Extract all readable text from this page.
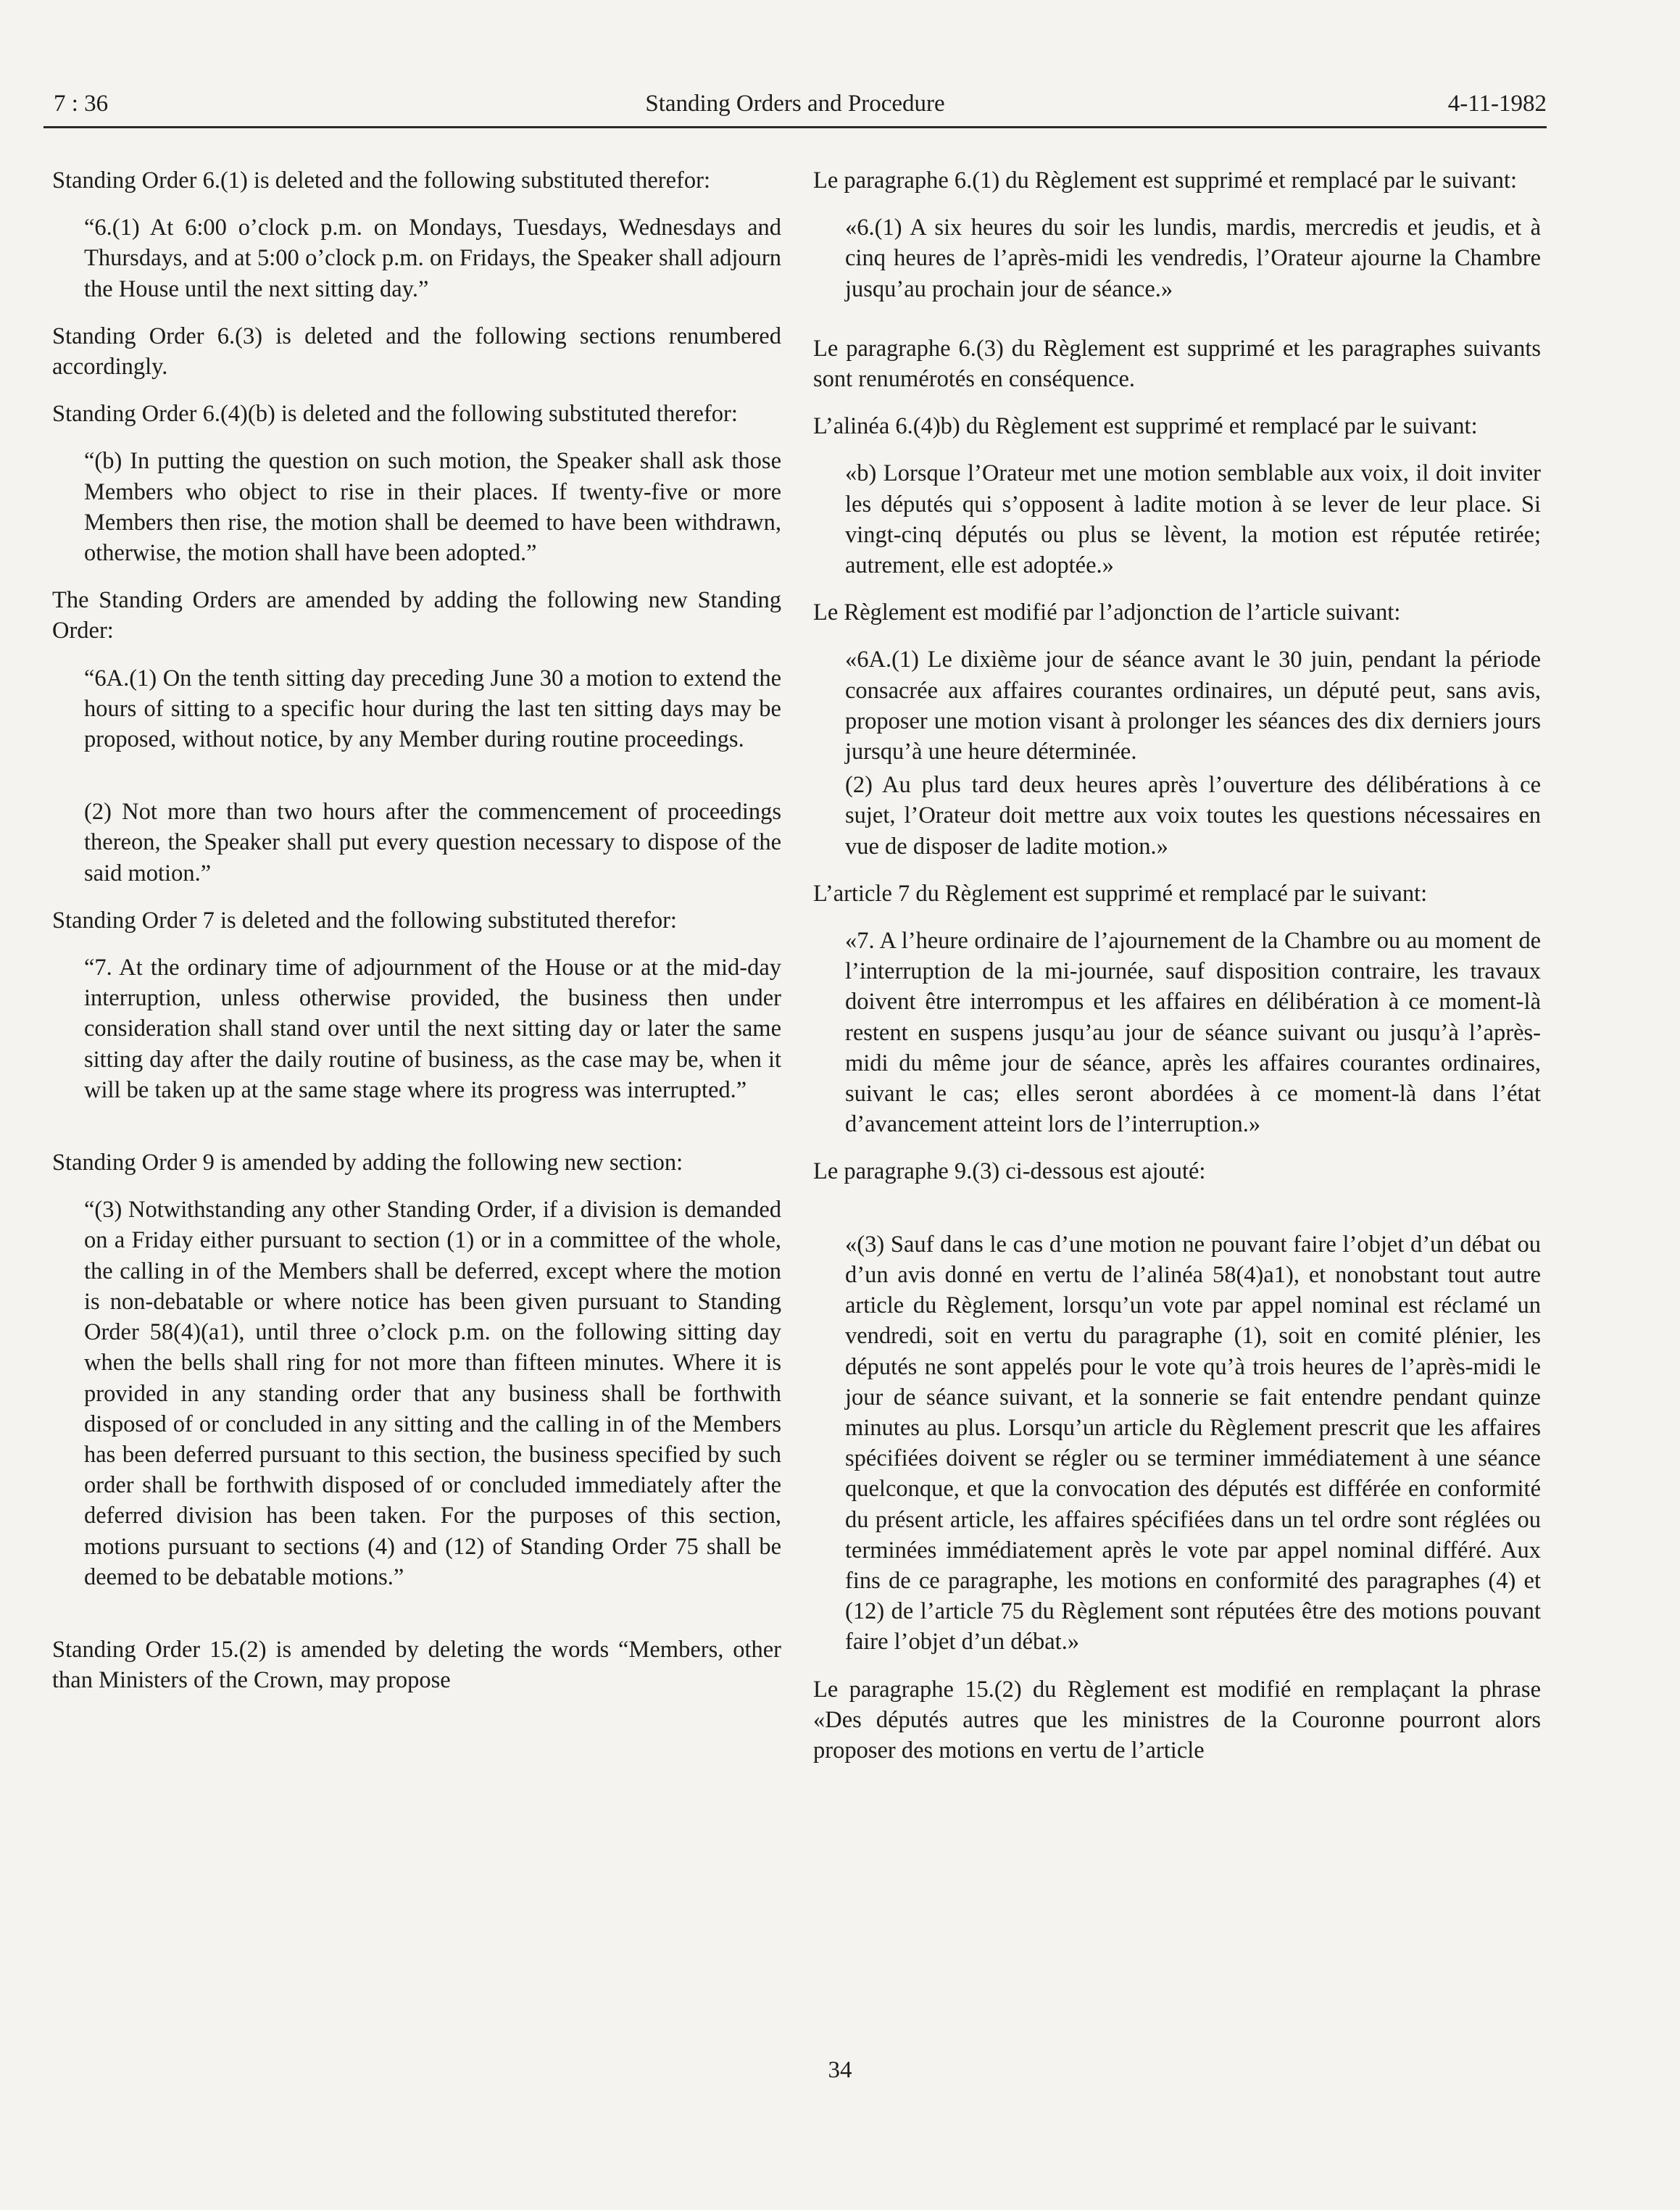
7 : 36	Standing Orders and Procedure	4-11-1982

Standing Order 6.(1) is deleted and the following substituted therefor:

“6.(1) At 6:00 o’clock p.m. on Mondays, Tuesdays, Wednesdays and Thursdays, and at 5:00 o’clock p.m. on Fridays, the Speaker shall adjourn the House until the next sitting day.”

Standing Order 6.(3) is deleted and the following sections renumbered accordingly.

Standing Order 6.(4)(b) is deleted and the following substituted therefor:

“(b) In putting the question on such motion, the Speaker shall ask those Members who object to rise in their places. If twenty-five or more Members then rise, the motion shall be deemed to have been withdrawn, otherwise, the motion shall have been adopted.”

The Standing Orders are amended by adding the following new Standing Order:

“6A.(1) On the tenth sitting day preceding June 30 a motion to extend the hours of sitting to a specific hour during the last ten sitting days may be proposed, without notice, by any Member during routine proceedings.

(2) Not more than two hours after the commencement of proceedings thereon, the Speaker shall put every question necessary to dispose of the said motion.”

Standing Order 7 is deleted and the following substituted therefor:

“7. At the ordinary time of adjournment of the House or at the mid-day interruption, unless otherwise provided, the business then under consideration shall stand over until the next sitting day or later the same sitting day after the daily routine of business, as the case may be, when it will be taken up at the same stage where its progress was interrupted.”

Standing Order 9 is amended by adding the following new section:

“(3) Notwithstanding any other Standing Order, if a division is demanded on a Friday either pursuant to section (1) or in a committee of the whole, the calling in of the Members shall be deferred, except where the motion is non-debatable or where notice has been given pursuant to Standing Order 58(4)(a1), until three o’clock p.m. on the following sitting day when the bells shall ring for not more than fifteen minutes. Where it is provided in any standing order that any business shall be forthwith disposed of or concluded in any sitting and the calling in of the Members has been deferred pursuant to this section, the business specified by such order shall be forthwith disposed of or concluded immediately after the deferred division has been taken. For the purposes of this section, motions pursuant to sections (4) and (12) of Standing Order 75 shall be deemed to be debatable motions.”

Standing Order 15.(2) is amended by deleting the words “Members, other than Ministers of the Crown, may propose

Le paragraphe 6.(1) du Règlement est supprimé et remplacé par le suivant:

«6.(1) A six heures du soir les lundis, mardis, mercredis et jeudis, et à cinq heures de l’après-midi les vendredis, l’Orateur ajourne la Chambre jusqu’au prochain jour de séance.»

Le paragraphe 6.(3) du Règlement est supprimé et les paragraphes suivants sont renumérotés en conséquence.

L’alinéa 6.(4)b) du Règlement est supprimé et remplacé par le suivant:

«b) Lorsque l’Orateur met une motion semblable aux voix, il doit inviter les députés qui s’opposent à ladite motion à se lever de leur place. Si vingt-cinq députés ou plus se lèvent, la motion est réputée retirée; autrement, elle est adoptée.»

Le Règlement est modifié par l’adjonction de l’article suivant:

«6A.(1) Le dixième jour de séance avant le 30 juin, pendant la période consacrée aux affaires courantes ordinaires, un député peut, sans avis, proposer une motion visant à prolonger les séances des dix derniers jours jursqu’à une heure déterminée.

(2) Au plus tard deux heures après l’ouverture des délibérations à ce sujet, l’Orateur doit mettre aux voix toutes les questions nécessaires en vue de disposer de ladite motion.»

L’article 7 du Règlement est supprimé et remplacé par le suivant:

«7. A l’heure ordinaire de l’ajournement de la Chambre ou au moment de l’interruption de la mi-journée, sauf disposition contraire, les travaux doivent être interrompus et les affaires en délibération à ce moment-là restent en suspens jusqu’au jour de séance suivant ou jusqu’à l’après-midi du même jour de séance, après les affaires courantes ordinaires, suivant le cas; elles seront abordées à ce moment-là dans l’état d’avancement atteint lors de l’interruption.»

Le paragraphe 9.(3) ci-dessous est ajouté:

«(3) Sauf dans le cas d’une motion ne pouvant faire l’objet d’un débat ou d’un avis donné en vertu de l’alinéa 58(4)a1), et nonobstant tout autre article du Règlement, lorsqu’un vote par appel nominal est réclamé un vendredi, soit en vertu du paragraphe (1), soit en comité plénier, les députés ne sont appelés pour le vote qu’à trois heures de l’après-midi le jour de séance suivant, et la sonnerie se fait entendre pendant quinze minutes au plus. Lorsqu’un article du Règlement prescrit que les affaires spécifiées doivent se régler ou se terminer immédiatement à une séance quelconque, et que la convocation des députés est différée en conformité du présent article, les affaires spécifiées dans un tel ordre sont réglées ou terminées immédiatement après le vote par appel nominal différé. Aux fins de ce paragraphe, les motions en conformité des paragraphes (4) et (12) de l’article 75 du Règlement sont réputées être des motions pouvant faire l’objet d’un débat.»

Le paragraphe 15.(2) du Règlement est modifié en remplaçant la phrase «Des députés autres que les ministres de la Couronne pourront alors proposer des motions en vertu de l’article

34
